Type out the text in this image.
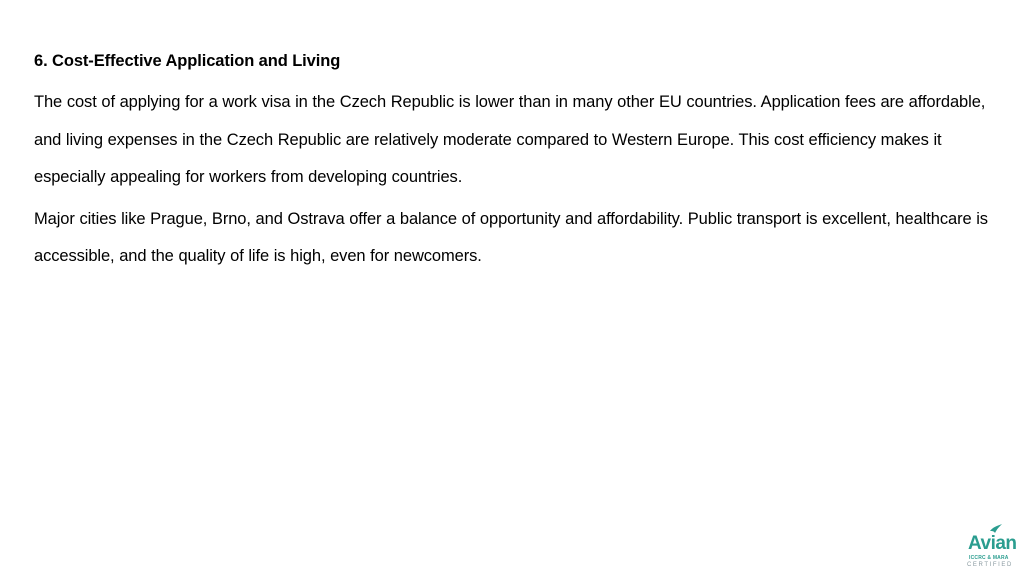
6. Cost-Effective Application and Living

The cost of applying for a work visa in the Czech Republic is lower than in many other EU countries. Application fees are affordable, and living expenses in the Czech Republic are relatively moderate compared to Western Europe. This cost efficiency makes it especially appealing for workers from developing countries.

Major cities like Prague, Brno, and Ostrava offer a balance of opportunity and affordability. Public transport is excellent, healthcare is accessible, and the quality of life is high, even for newcomers.

Avian
ICCRC & MARA
CERTIFIED
